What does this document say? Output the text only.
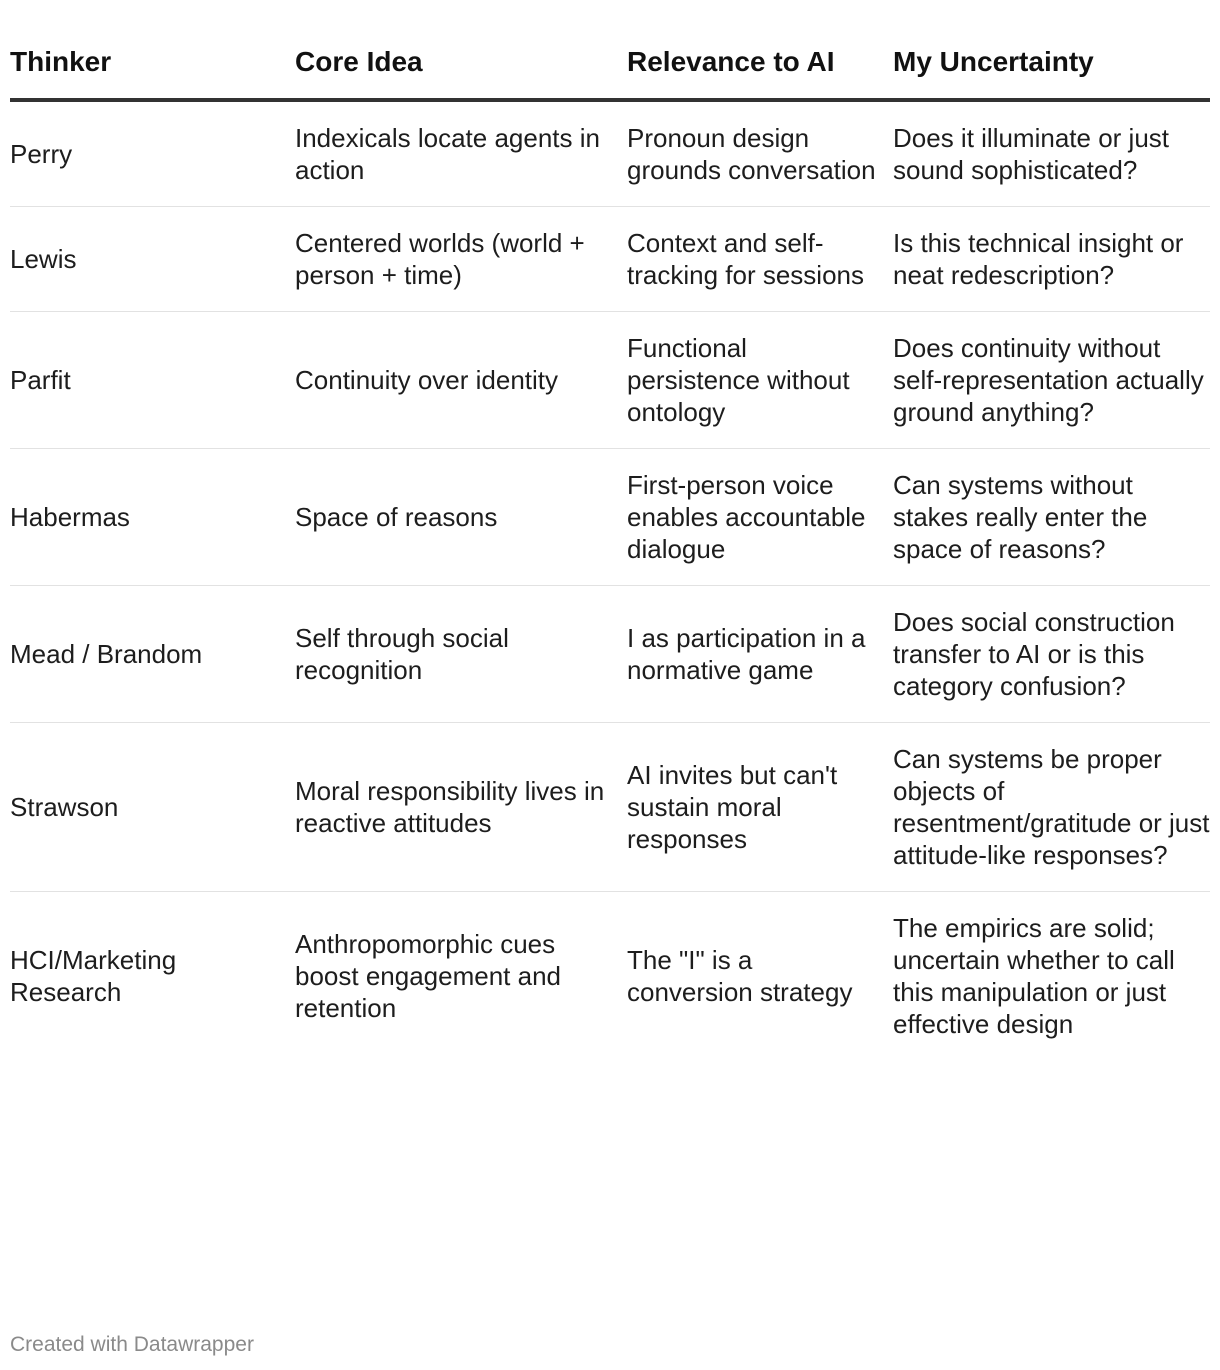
Thinker	Core Idea	Relevance to AI	My Uncertainty
Perry	Indexicals locate agents in action	Pronoun design grounds conversation	Does it illuminate or just sound sophisticated?
Lewis	Centered worlds (world + person + time)	Context and self-tracking for sessions	Is this technical insight or neat redescription?
Parfit	Continuity over identity	Functional persistence without ontology	Does continuity without self-representation actually ground anything?
Habermas	Space of reasons	First-person voice enables accountable dialogue	Can systems without stakes really enter the space of reasons?
Mead / Brandom	Self through social recognition	I as participation in a normative game	Does social construction transfer to AI or is this category confusion?
Strawson	Moral responsibility lives in reactive attitudes	AI invites but can't sustain moral responses	Can systems be proper objects of resentment/gratitude or just attitude-like responses?
HCI/Marketing Research	Anthropomorphic cues boost engagement and retention	The "I" is a conversion strategy	The empirics are solid; uncertain whether to call this manipulation or just effective design
Created with Datawrapper
